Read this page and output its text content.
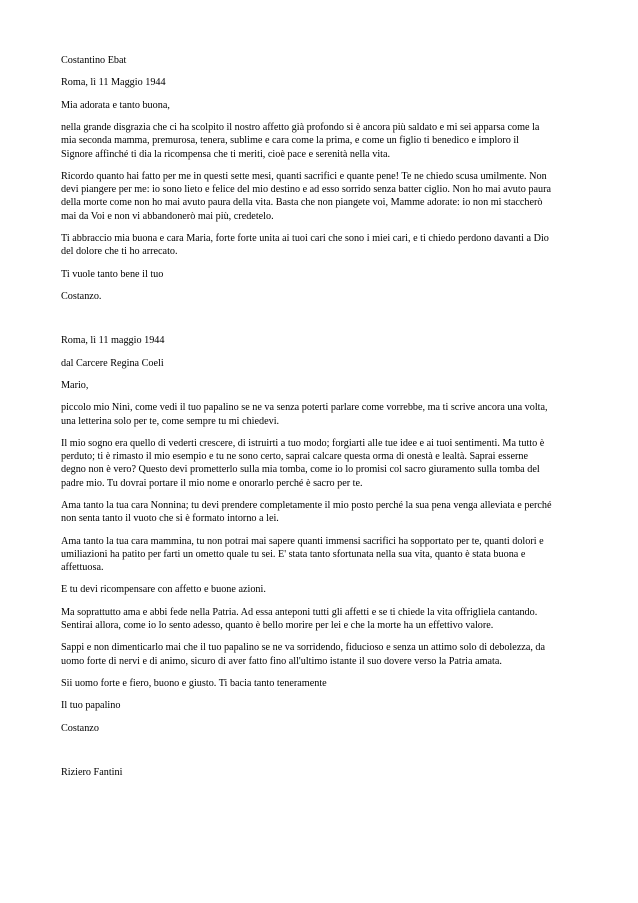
Costantino Ebat

Roma, lì 11 Maggio 1944

Mia adorata e tanto buona,

nella grande disgrazia che ci ha scolpito il nostro affetto già profondo si è ancora più saldato e mi sei apparsa come la
mia seconda mamma, premurosa, tenera, sublime e cara come la prima, e come un figlio ti benedico e imploro il
Signore affinché ti dia la ricompensa che ti meriti, cioè pace e serenità nella vita.

Ricordo quanto hai fatto per me in questi sette mesi, quanti sacrifici e quante pene! Te ne chiedo scusa umilmente. Non
devi piangere per me: io sono lieto e felice del mio destino e ad esso sorrido senza batter ciglio. Non ho mai avuto paura
della morte come non ho mai avuto paura della vita. Basta che non piangete voi, Mamme adorate: io non mi staccherò
mai da Voi e non vi abbandonerò mai più, credetelo.

Ti abbraccio mia buona e cara Maria, forte forte unita ai tuoi cari che sono i miei cari, e ti chiedo perdono davanti a Dio
del dolore che ti ho arrecato.

Ti vuole tanto bene il tuo

Costanzo.

Roma, lì 11 maggio 1944

dal Carcere Regina Coeli

Mario,

piccolo mio Ninì, come vedi il tuo papalino se ne va senza poterti parlare come vorrebbe, ma ti scrive ancora una volta,
una letterina solo per te, come sempre tu mi chiedevi.

Il mio sogno era quello di vederti crescere, di istruirti a tuo modo; forgiarti alle tue idee e ai tuoi sentimenti. Ma tutto è
perduto; ti è rimasto il mio esempio e tu ne sono certo, saprai calcare questa orma di onestà e lealtà. Saprai esserne
degno non è vero? Questo devi prometterlo sulla mia tomba, come io lo promisi col sacro giuramento sulla tomba del
padre mio. Tu dovrai portare il mio nome e onorarlo perché è sacro per te.

Ama tanto la tua cara Nonnina; tu devi prendere completamente il mio posto perché la sua pena venga alleviata e perché
non senta tanto il vuoto che si è formato intorno a lei.

Ama tanto la tua cara mammina, tu non potrai mai sapere quanti immensi sacrifici ha sopportato per te, quanti dolori e
umiliazioni ha patito per farti un ometto quale tu sei. E' stata tanto sfortunata nella sua vita, quanto è stata buona e
affettuosa.

E tu devi ricompensare con affetto e buone azioni.

Ma soprattutto ama e abbi fede nella Patria. Ad essa anteponi tutti gli affetti e se ti chiede la vita offrigliela cantando.
Sentirai allora, come io lo sento adesso, quanto è bello morire per lei e che la morte ha un effettivo valore.

Sappi e non dimenticarlo mai che il tuo papalino se ne va sorridendo, fiducioso e senza un attimo solo di debolezza, da
uomo forte di nervi e di animo, sicuro di aver fatto fino all'ultimo istante il suo dovere verso la Patria amata.

Sii uomo forte e fiero, buono e giusto. Ti bacia tanto teneramente

Il tuo papalino

Costanzo

Riziero Fantini
